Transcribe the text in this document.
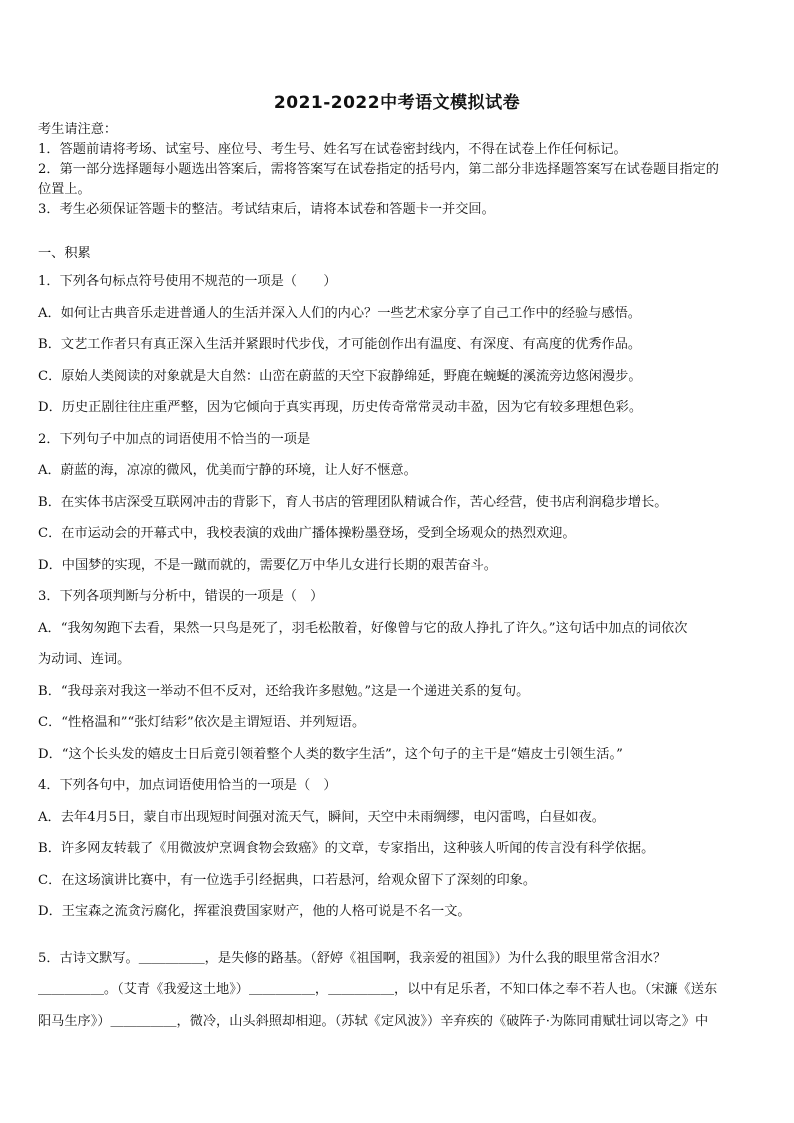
2021-2022中考语文模拟试卷
考生请注意：
1．答题前请将考场、试室号、座位号、考生号、姓名写在试卷密封线内，不得在试卷上作任何标记。
2．第一部分选择题每小题选出答案后，需将答案写在试卷指定的括号内，第二部分非选择题答案写在试卷题目指定的
位置上。
3．考生必须保证答题卡的整洁。考试结束后，请将本试卷和答题卡一并交回。
一、积累
1．下列各句标点符号使用不规范的一项是（　　）
A．如何让古典音乐走进普通人的生活并深入人们的内心？一些艺术家分享了自己工作中的经验与感悟。
B．文艺工作者只有真正深入生活并紧跟时代步伐，才可能创作出有温度、有深度、有高度的优秀作品。
C．原始人类阅读的对象就是大自然：山峦在蔚蓝的天空下寂静绵延，野鹿在蜿蜒的溪流旁边悠闲漫步。
D．历史正剧往往庄重严整，因为它倾向于真实再现，历史传奇常常灵动丰盈，因为它有较多理想色彩。
2．下列句子中加点的词语使用不恰当的一项是
A．蔚蓝的海，凉凉的微风，优美而宁静的环境，让人好不惬意。
B．在实体书店深受互联网冲击的背影下，育人书店的管理团队精诚合作，苦心经营，使书店利润稳步增长。
C．在市运动会的开幕式中，我校表演的戏曲广播体操粉墨登场，受到全场观众的热烈欢迎。
D．中国梦的实现，不是一蹴而就的，需要亿万中华儿女进行长期的艰苦奋斗。
3．下列各项判断与分析中，错误的一项是（　）
A．“我匆匆跑下去看，果然一只鸟是死了，羽毛松散着，好像曾与它的敌人挣扎了许久。”这句话中加点的词依次
为动词、连词。
B．“我母亲对我这一举动不但不反对，还给我许多慰勉。”这是一个递进关系的复句。
C．“性格温和”“张灯结彩”依次是主谓短语、并列短语。
D．“这个长头发的嬉皮士日后竟引领着整个人类的数字生活”，这个句子的主干是“嬉皮士引领生活。”
4．下列各句中，加点词语使用恰当的一项是（　）
A．去年4月5日，蒙自市出现短时间强对流天气，瞬间，天空中未雨绸缪，电闪雷鸣，白昼如夜。
B．许多网友转载了《用微波炉烹调食物会致癌》的文章，专家指出，这种骇人听闻的传言没有科学依据。
C．在这场演讲比赛中，有一位选手引经据典，口若悬河，给观众留下了深刻的印象。
D．王宝森之流贪污腐化，挥霍浪费国家财产，他的人格可说是不名一文。
5．古诗文默写。＿＿＿＿＿，是失修的路基。（舒婷《祖国啊，我亲爱的祖国》）为什么我的眼里常含泪水？
＿＿＿＿＿。（艾青《我爱这土地》）＿＿＿＿＿，＿＿＿＿＿，以中有足乐者，不知口体之奉不若人也。（宋濂《送东
阳马生序》）＿＿＿＿＿，微冷，山头斜照却相迎。（苏轼《定风波》）辛弃疾的《破阵子·为陈同甫赋壮词以寄之》中
